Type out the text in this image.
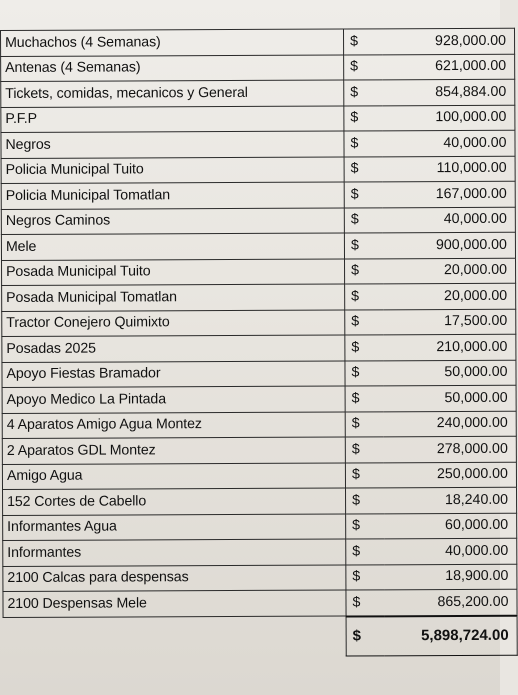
Muchachos (4 Semanas)	$	928,000.00
Antenas (4 Semanas)	$	621,000.00
Tickets, comidas, mecanicos y General	$	854,884.00
P.F.P	$	100,000.00
Negros	$	40,000.00
Policia Municipal Tuito	$	110,000.00
Policia Municipal Tomatlan	$	167,000.00
Negros Caminos	$	40,000.00
Mele	$	900,000.00
Posada Municipal Tuito	$	20,000.00
Posada Municipal Tomatlan	$	20,000.00
Tractor Conejero Quimixto	$	17,500.00
Posadas 2025	$	210,000.00
Apoyo Fiestas Bramador	$	50,000.00
Apoyo Medico La Pintada	$	50,000.00
4 Aparatos Amigo Agua Montez	$	240,000.00
2 Aparatos GDL Montez	$	278,000.00
Amigo Agua	$	250,000.00
152 Cortes de Cabello	$	18,240.00
Informantes Agua	$	60,000.00
Informantes	$	40,000.00
2100 Calcas para despensas	$	18,900.00
2100 Despensas Mele	$	865,200.00
	$	5,898,724.00
